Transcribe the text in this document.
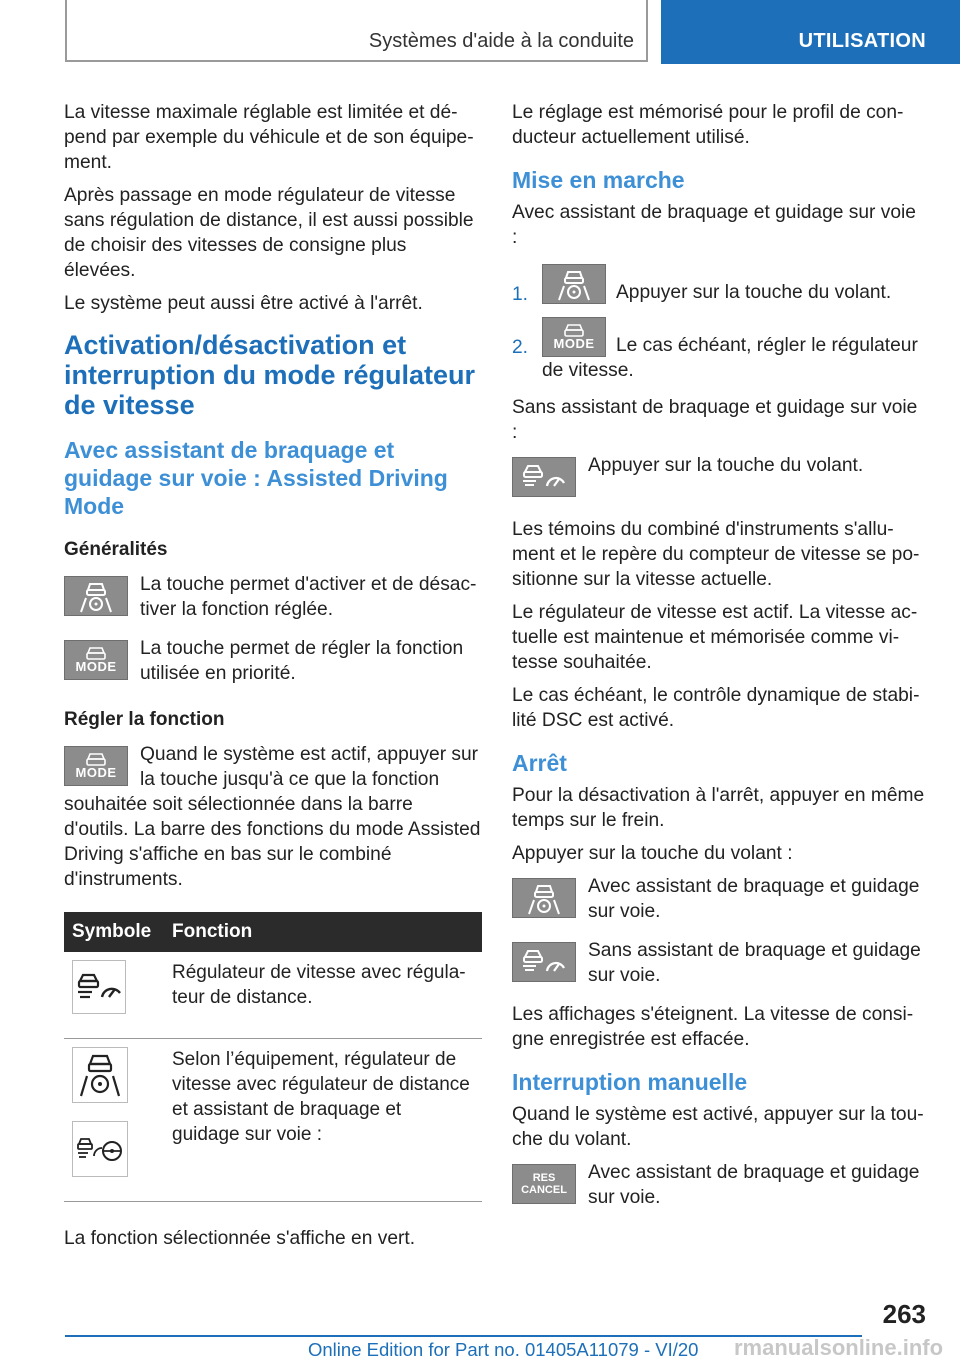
Systèmes d'aide à la conduite	UTILISATION

La vitesse maximale réglable est limitée et dé-pend par exemple du véhicule et de son équipe-ment.

Après passage en mode régulateur de vitesse sans régulation de distance, il est aussi possible de choisir des vitesses de consigne plus élevées.

Le système peut aussi être activé à l'arrêt.

Activation/désactivation et interruption du mode régulateur de vitesse
Avec assistant de braquage et guidage sur voie : Assisted Driving Mode
Généralités

La touche permet d'activer et de désac-tiver la fonction réglée.

MODE

La touche permet de régler la fonction utilisée en priorité.

Régler la fonction
MODE

Quand le système est actif, appuyer sur la touche jusqu'à ce que la fonction souhaitée soit sélectionnée dans la barre d'outils. La barre des fonctions du mode Assisted Driving s'affiche en bas sur le combiné d'instruments.

Symbole	Fonction

	Régulateur de vitesse avec régula-teur de distance.

	Selon l’équipement, régulateur de vitesse avec régulateur de distance et assistant de braquage et guidage sur voie :

La fonction sélectionnée s'affiche en vert.

Le réglage est mémorisé pour le profil de con-ducteur actuellement utilisé.

Mise en marche

Avec assistant de braquage et guidage sur voie :

1.	Appuyer sur la touche du volant.
2. MODE	Le cas échéant, régler le régulateur de vitesse.

Sans assistant de braquage et guidage sur voie :

Appuyer sur la touche du volant.

Les témoins du combiné d'instruments s'allu-ment et le repère du compteur de vitesse se po-sitionne sur la vitesse actuelle.

Le régulateur de vitesse est actif. La vitesse ac-tuelle est maintenue et mémorisée comme vi-tesse souhaitée.

Le cas échéant, le contrôle dynamique de stabi-lité DSC est activé.

Arrêt

Pour la désactivation à l'arrêt, appuyer en même temps sur le frein.

Appuyer sur la touche du volant :

Avec assistant de braquage et guidage sur voie.

Sans assistant de braquage et guidage sur voie.

Les affichages s'éteignent. La vitesse de consi-gne enregistrée est effacée.

Interruption manuelle

Quand le système est activé, appuyer sur la tou-che du volant.

RES
CANCEL

Avec assistant de braquage et guidage sur voie.

263
Online Edition for Part no. 01405A11079 - VI/20 rmanualsonline.info
